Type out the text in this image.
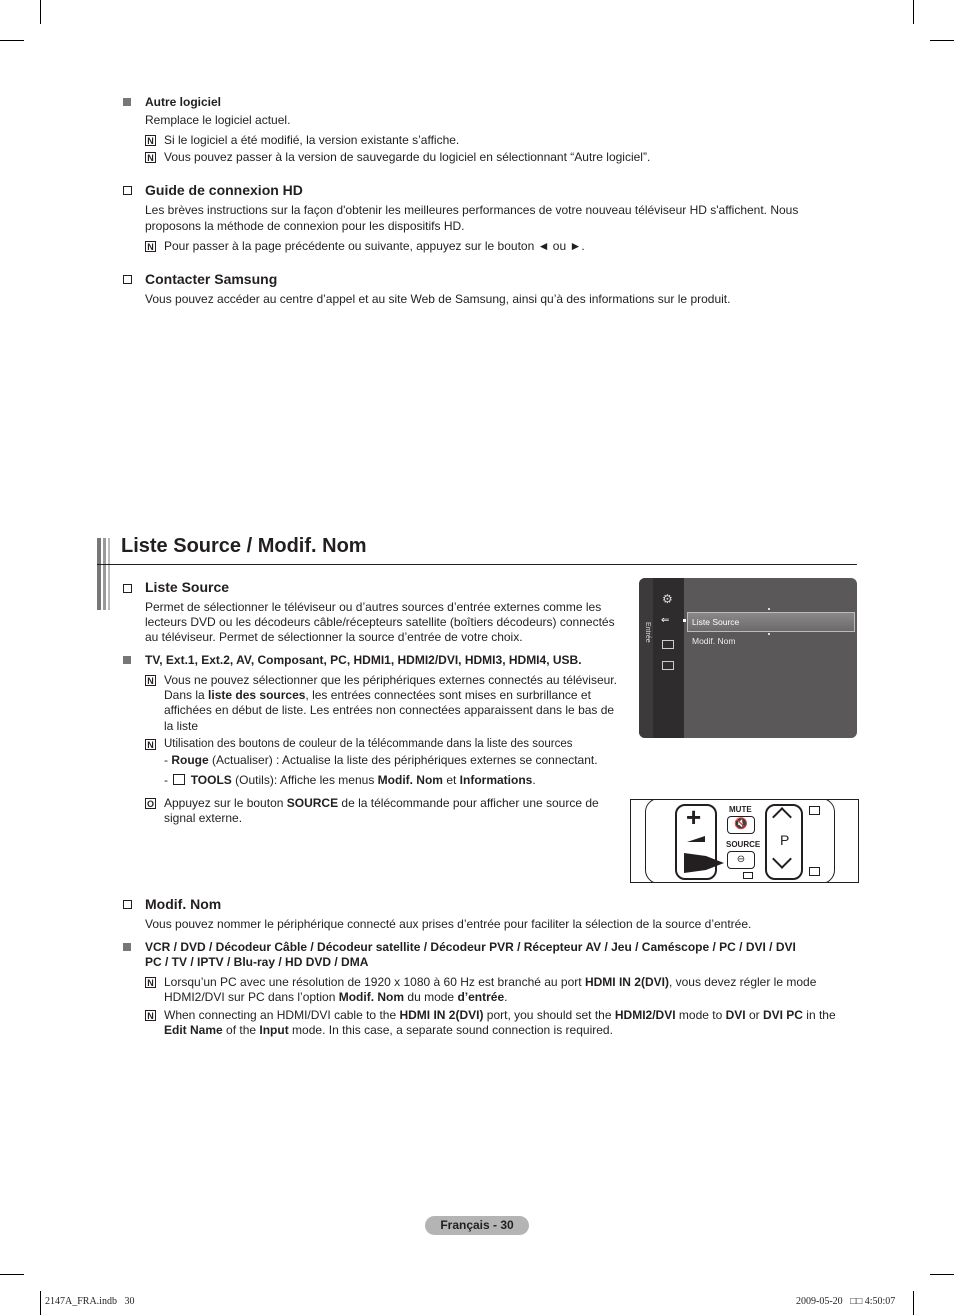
Autre logiciel
Remplace le logiciel actuel.
N Si le logiciel a été modifié, la version existante s’affiche.
N Vous pouvez passer à la version de sauvegarde du logiciel en sélectionnant “Autre logiciel”.
Guide de connexion HD
Les brèves instructions sur la façon d'obtenir les meilleures performances de votre nouveau téléviseur HD s'affichent. Nous
proposons la méthode de connexion pour les dispositifs HD.
N Pour passer à la page précédente ou suivante, appuyez sur le bouton ◄ ou ►.
Contacter Samsung
Vous pouvez accéder au centre d’appel et au site Web de Samsung, ainsi qu’à des informations sur le produit.
Liste Source / Modif. Nom
Liste Source
Permet de sélectionner le téléviseur ou d’autres sources d’entrée externes comme les
lecteurs DVD ou les décodeurs câble/récepteurs satellite (boîtiers décodeurs) connectés
au téléviseur. Permet de sélectionner la source d’entrée de votre choix.
TV, Ext.1, Ext.2, AV, Composant, PC, HDMI1, HDMI2/DVI, HDMI3, HDMI4, USB.
N Vous ne pouvez sélectionner que les périphériques externes connectés au téléviseur.
Dans la liste des sources, les entrées connectées sont mises en surbrillance et
affichées en début de liste. Les entrées non connectées apparaissent dans le bas de
la liste
N Utilisation des boutons de couleur de la télécommande dans la liste des sources
- Rouge (Actualiser) : Actualise la liste des périphériques externes se connectant.
-  TOOLS (Outils): Affiche les menus Modif. Nom et Informations.
O Appuyez sur le bouton SOURCE de la télécommande pour afficher une source de
signal externe.
Entrée
⚙
⇐	Liste Source
Modif. Nom
+	MUTE
🔇
SOURCE
⊖
P
Modif. Nom
Vous pouvez nommer le périphérique connecté aux prises d’entrée pour faciliter la sélection de la source d’entrée.
VCR / DVD / Décodeur Câble / Décodeur satellite / Décodeur PVR / Récepteur AV / Jeu / Caméscope / PC / DVI / DVI
PC / TV / IPTV / Blu-ray / HD DVD / DMA
N Lorsqu’un PC avec une résolution de 1920 x 1080 à 60 Hz est branché au port HDMI IN 2(DVI), vous devez régler le mode
HDMI2/DVI sur PC dans l’option Modif. Nom du mode d’entrée.
N When connecting an HDMI/DVI cable to the HDMI IN 2(DVI) port, you should set the HDMI2/DVI mode to DVI or DVI PC in the
Edit Name of the Input mode. In this case, a separate sound connection is required.
Français - 30
2147A_FRA.indb   30	2009-05-20   □□ 4:50:07
